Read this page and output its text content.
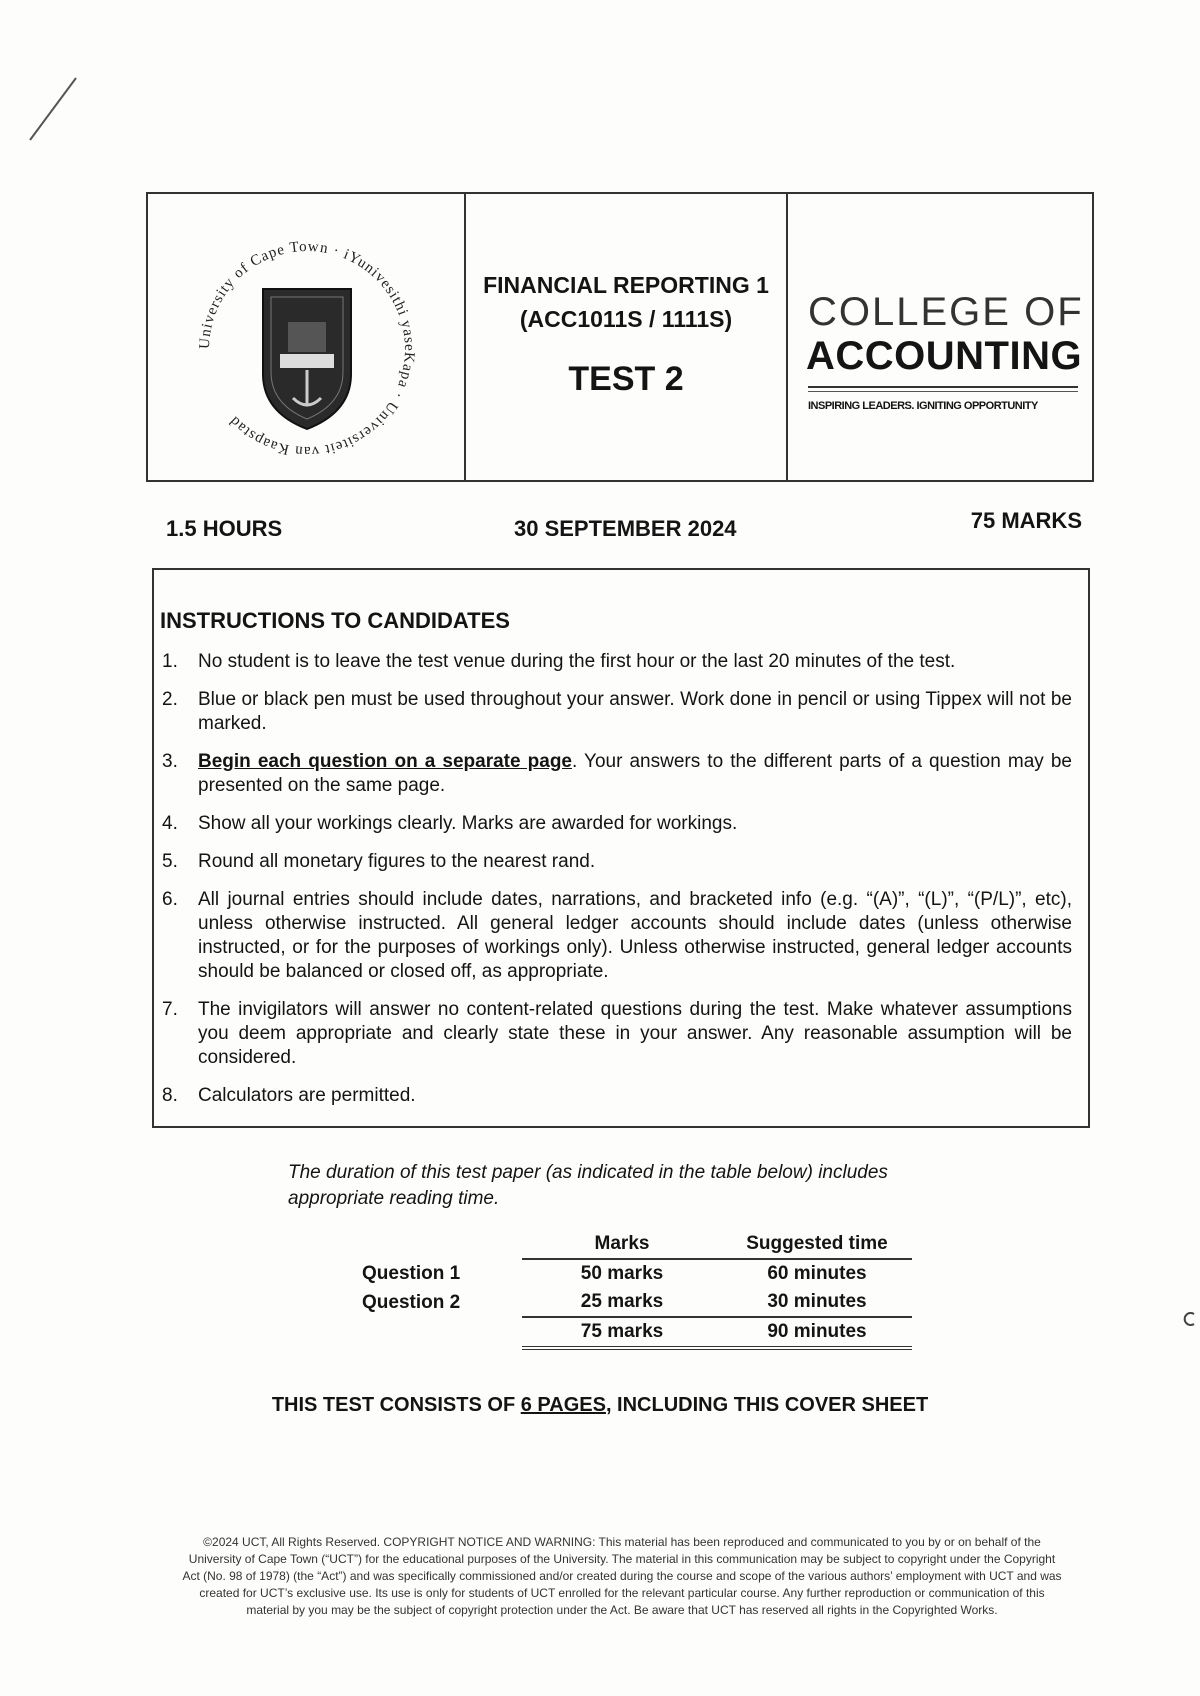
University of Cape Town · iYunivesithi yaseKapa · Universiteit van Kaapstad
FINANCIAL REPORTING 1
(ACC1011S / 1111S)
TEST 2
COLLEGE OF
ACCOUNTING
INSPIRING LEADERS. IGNITING OPPORTUNITY
1.5 HOURS	30 SEPTEMBER 2024	75 MARKS
INSTRUCTIONS TO CANDIDATES
1.	No student is to leave the test venue during the first hour or the last 20 minutes of the test.
2.	Blue or black pen must be used throughout your answer. Work done in pencil or using Tippex will not be marked.
3.	Begin each question on a separate page. Your answers to the different parts of a question may be presented on the same page.
4.	Show all your workings clearly. Marks are awarded for workings.
5.	Round all monetary figures to the nearest rand.
6.	All journal entries should include dates, narrations, and bracketed info (e.g. “(A)”, “(L)”, “(P/L)”, etc), unless otherwise instructed. All general ledger accounts should include dates (unless otherwise instructed, or for the purposes of workings only). Unless otherwise instructed, general ledger accounts should be balanced or closed off, as appropriate.
7.	The invigilators will answer no content-related questions during the test. Make whatever assumptions you deem appropriate and clearly state these in your answer. Any reasonable assumption will be considered.
8.	Calculators are permitted.
The duration of this test paper (as indicated in the table below) includes appropriate reading time.
	Marks	Suggested time
Question 1	50 marks	60 minutes
Question 2	25 marks	30 minutes
	75 marks	90 minutes
THIS TEST CONSISTS OF 6 PAGES, INCLUDING THIS COVER SHEET
©2024 UCT, All Rights Reserved. COPYRIGHT NOTICE AND WARNING: This material has been reproduced and communicated to you by or on behalf of the University of Cape Town (“UCT”) for the educational purposes of the University. The material in this communication may be subject to copyright under the Copyright Act (No. 98 of 1978) (the “Act”) and was specifically commissioned and/or created during the course and scope of the various authors’ employment with UCT and was created for UCT’s exclusive use. Its use is only for students of UCT enrolled for the relevant particular course. Any further reproduction or communication of this material by you may be the subject of copyright protection under the Act. Be aware that UCT has reserved all rights in the Copyrighted Works.
